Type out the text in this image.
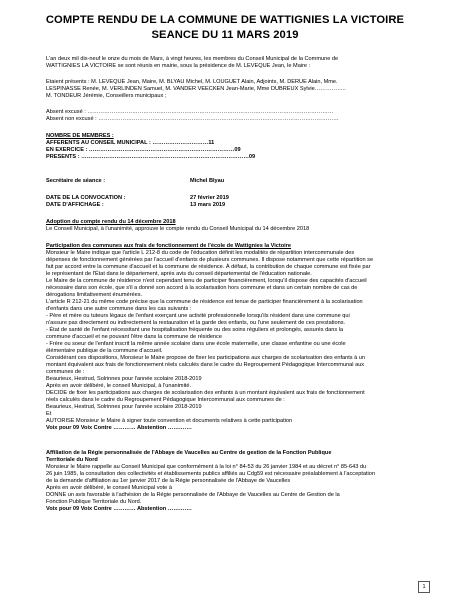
COMPTE RENDU DE LA COMMUNE DE WATTIGNIES LA VICTOIRE
SEANCE DU 11 MARS 2019
L'an deux mil dix-neuf le onze du mois de Mars, à vingt heures, les membres du Conseil Municipal de la Commune de
WATTIGNIES LA VICTOIRE se sont réunis en mairie, sous la présidence de M. LEVEQUE Jean, le Maire :
Etaient présents : M. LEVEQUE Jean, Maire, M. BLYAU Michel, M. LOUGUET Alain, Adjoints, M. DERUE Alain, Mme.
LESPINASSE Renée, M. VERLINDEN Samuel, M. VANDER VEECKEN Jean-Marie, Mme DUBREUX Sylvie……………..
M. TONDEUR Jérémie, Conseillers municipaux ;
Absent excusé : ……………………………………………………………………………………………………………………
Absent non excusé : …………………………………………………………………………………………………………………
NOMBRE DE MEMBRES :
AFFERENTS AU CONSEIL MUNICIPAL : …………………………11
EN EXERCICE : ……………………………………………………………………09
PRESENTS : ………………………………………………………………………………09
Secrétaire de séance :	Michel Blyau
DATE DE LA CONVOCATION :	27 février 2019
DATE D'AFFICHAGE :	13 mars 2019
Adoption du compte rendu du 14 décembre 2018
Le Conseil Municipal, à l'unanimité, approuve le compte rendu du Conseil Municipal du 14 décembre 2018
Participation des communes aux frais de fonctionnement de l'école de Wattignies la Victoire
Monsieur le Maire indique que l'article L 212-8 du code de l'éducation définit les modalités de répartition intercommunale des
dépenses de fonctionnement générées par l'accueil d'enfants de plusieurs communes. Il dispose notamment que cette répartition se
fait par accord entre la commune d'accueil et la commune de résidence. À défaut, la contribution de chaque commune est fixée par
le représentant de l'État dans le département, après avis du conseil départemental de l'éducation nationale.
Le Maire de la commune de résidence n'est cependant tenu de participer financièrement, lorsqu'il dispose des capacités d'accueil
nécessaire dans son école, que s'il a donné son accord à la scolarisation hors commune et dans un certain nombre de cas de
dérogations limitativement énumérées.
L'article R 212-21 du même code précise que la commune de résidence est tenue de participer financièrement à la scolarisation
d'enfants dans une autre commune dans les cas suivants :
- Père et mère ou tuteurs légaux de l'enfant exerçant une activité professionnelle lorsqu'ils résident dans une commune qui
n'assure pas directement ou indirectement la restauration et la garde des enfants, ou l'une seulement de ces prestations.
- État de santé de l'enfant nécessitant une hospitalisation fréquente ou des soins réguliers et prolongés, assurés dans la
commune d'accueil et ne pouvant l'être dans la commune de résidence
- Frère ou soeur de l'enfant inscrit la même année scolaire dans une école maternelle, une classe enfantine ou une école
élémentaire publique de la commune d'accueil.
Considérant ces dispositions, Monsieur le Maire propose de fixer les participations aux charges de scolarisation des enfants à un
montant équivalent aux frais de fonctionnement réels calculés dans le cadre du Regroupement Pédagogique Intercommunal aux
communes de :
Beaurieux, Hestrud, Solrinnes pour l'année scolaire 2018-2019
Après en avoir délibéré, le conseil Municipal, à l'unanimité.
DECIDE de fixer les participations aux charges de scolarisation des enfants à un montant équivalent aux frais de fonctionnement
réels calculés dans le cadre du Regroupement Pédagogique Intercommunal aux communes de :
Beaurieux, Hestrud, Solrinnes pour l'année scolaire 2018-2019
Et
AUTORISE Monsieur le Maire à signer toute convention et documents relatives à cette participation
Voix pour 09 Voix Contre ………… Abstention ………….
Affiliation de la Régie personnalisée de l'Abbaye de Vaucelles au Centre de gestion de la Fonction Publique
Territoriale du Nord
Monsieur le Maire rappelle au Conseil Municipal que conformément à la loi n° 84-53 du 26 janvier 1984 et au décret n° 85-643 du
26 juin 1985, la consultation des collectivités et établissements publics affiliés au Cdg59 est nécessaire préalablement à l'acceptation
de la demande d'affiliation au 1er janvier 2017 de la Régie personnalisée de l'Abbaye de Vaucelles
Après en avoir délibéré, le conseil Municipal vote à
DONNE un avis favorable à l'adhésion de la Régie personnalisée de l'Abbaye de Vaucelles au Centre de Gestion de la
Fonction Publique Territoriale du Nord.
Voix pour 09 Voix Contre ………… Abstention ………….
1
